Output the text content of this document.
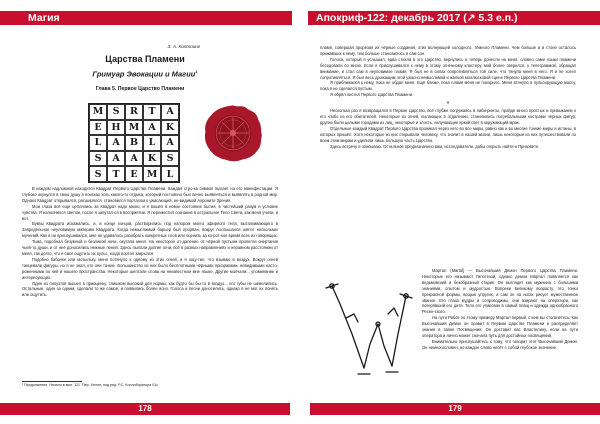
Магия
З. А. Колтпинг
Царства Пламени
Гримуар Эвокации и Магии$^1$
Глава 5. Первое Царство Пламени
M S	R	T	A
E	H M A	K
L	A	B	L	A
S	A	A	K	S
S	T	E M L

В каждом надломной находится Квадрат Первого Царства Пламени. Каждая стро-ка символ пылает на его манифестации. Я глубоко окунулся в свою душу в поисках хоть какого-то отдыха, который постоянно был вечно выявляться и выявлять в родной мир. Однако Квадрат открывался, расширялся, становился порталом к ужасающей, не-видимой Ахроните Зрения.

Мои глаза всё еще цеплялись за Квадрат надо мною, и я вошёл в новое состояние бытия, в чистейший разум и условие чувства. Я наполнился светом, после я запутал-ся в восприятии. Я переместил сознание в астральное Тело Света, как меня учили, и вот.

Буквы Квадрата искажались, и, в конце концов, растворились под напором моего эфирного тела, выталкивающего в Запредельное неуловимую материю Квадрата. Когда немыслимый барьер был прорван, вокруг послышался шёпот нескольких мучений. Как я ни прислушивался, мне не удавалось разобрать конкретных слов или оценить за ко-рот-кое время всех их говорящих.

Тьма, подобная безумной и безликой ночи, окутала меня. На некоторое от-даление от чёрной пустыни пролегли очертания чьей-то души, и от неё доносились нежные пения. Здесь пылали долгие огни, всё в разных направлениях и неравном расстоянии от меня, так долго, что я смог ощутить их пульс, когда портал закрылся.

Подобно бабочке или мотыльку, меня потянуло к одному из этих огней, и я ощу-тил, что взываю в воздух. Вокруг огней танцевали фигуры, но я не знал, кто они та-кие. Большинство из них было бесплотными чёрными призраками, невидимыми насто-роженными по ней и нашего пространства. Некоторые шептали слова на неизвестном мне языке. Другие молчали... упоминание и интересующих.

Один из силуэтов вышел в приоценку, слишком высокий для нормы, как будто бы бы-то в воздух... его губы не шевелились. Остальные, один за одним, сделали то же самое, и появились более ясно. Голоса и песни доносились, однако я не мог их понять или ощутить.

¹ Продолжение. Начало в вып. 121. Пер. Хелле, под ред. Р.С. Коллоборатора 01с.
178
Апокриф-122: декабрь 2017 (↗ 5.3 е.п.)

пламя, совершая прорезая их чёрные создания, этих волнующей холодного, тёмного Пламени. Чем больше и в стоне осталось прижавших к нему, тем больше становилось я сам сон.

Голоса, который я услышал, едва стихли в это Царство, вернулись и теперь донесли на меня, словно сами языки пламени беседовали со мною. Если я прислушивался к нему в этому огненному кластеру, мой более сверился, у телеграммой, обращал внимание, и стал сам в неуловимое пламя. Я был не в силах сопротивляться той силе, что тянула меня в него. Я и не хотел сопротивляться. Я был весь дрожащим этой ужасно немыслимой и жалкой моллюсковой сцене Первого Царства Пламени.

Я приближался к нему, пока не обдал меня. Ещё ближе, пока пламя меня не покорило. Меня втянуло в пульсирующую массу, пока я не сделался пустым.

Я обрёл листья Первого Царства Пламени.

*

Несколько раз я возвращался в Первое Царство, всё глубже погружаясь в лаби-ринты, пройдя много простых и привыкание к его -либо из его обитателей. Некоторые из огней, пылающих в отдалении, становились погребальными кострами чёрных фигур; другие были целыми городами из лиц, некоторые и злость, излучающие яркий свет в окружающий мрак.

Отдельные каждый Квадрат Первого Царства проникал через него во все миры, равно как и во многие тонкие миры и истины, в которых пришёл. Хотя некоторые из них открывали человеку, что значит в нашей жизни, лишь некоторые из них путешествовали по всем этим мирам и уделили лишь большую часть Царства.

Здесь встречу я описываю. Остальное предназначено вам, исследователи, дабы открыть найти и Призовёте.

Мартал (Martal) — Высочайший Демон Первого Царства Пламени. Некоторые его называют Гипотезой, однако демон Мартал появляется как ведьмовский и безобразный старик. Он выглядит как мужчина с большими знаниями, опытом и мудростью. Вопреки великому возрасту, это тонко прекрасной формы, вещью упругих, а сам он на ногах рисует мужественное звание. Его глаза мудры и сопроводимы, они взирают на оператора, как потерявший его дитя. Тело его упакован в самый плащ и одежда однообразного Ресен-ского.

На пути Работ по этому примеру Мартал первый, с кем вы столкнётесь. Как Высочайший Демон он правит в Первом Царстве Пламени и распределяет знания в тайне Посвящения. Он доставит вас Властелину, если на пути оператора и лично может сначала путь для достойных посвящений.

Внимательно прислушайтесь к тому, что говорит этот Высочайший Демон. Он немногословен, но каждое слово несёт с собой глубокое значение.

179
